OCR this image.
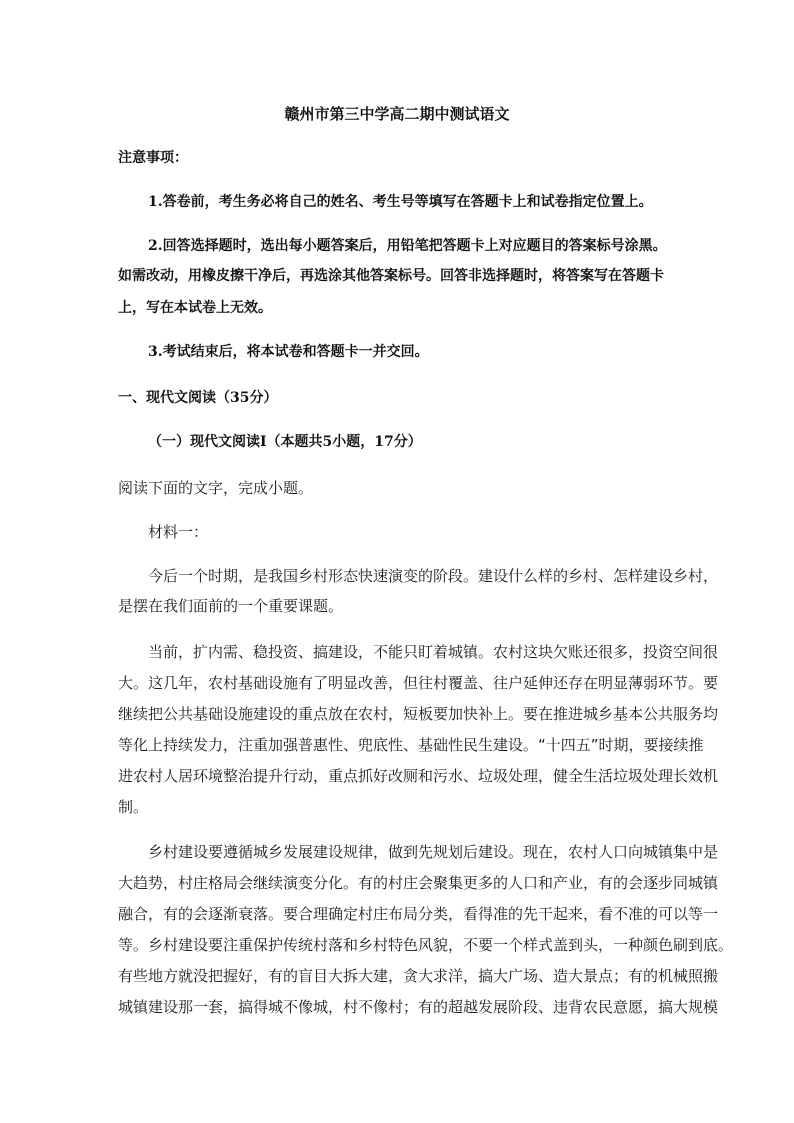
赣州市第三中学高二期中测试语文
注意事项：
1.答卷前，考生务必将自己的姓名、考生号等填写在答题卡上和试卷指定位置上。
2.回答选择题时，选出每小题答案后，用铅笔把答题卡上对应题目的答案标号涂黑。
如需改动，用橡皮擦干净后，再选涂其他答案标号。回答非选择题时，将答案写在答题卡
上，写在本试卷上无效。
3.考试结束后，将本试卷和答题卡一并交回。
一、现代文阅读（35分）
（一）现代文阅读Ⅰ（本题共5小题，17分）
阅读下面的文字，完成小题。
材料一：
今后一个时期，是我国乡村形态快速演变的阶段。建设什么样的乡村、怎样建设乡村，
是摆在我们面前的一个重要课题。
当前，扩内需、稳投资、搞建设，不能只盯着城镇。农村这块欠账还很多，投资空间很
大。这几年，农村基础设施有了明显改善，但往村覆盖、往户延伸还存在明显薄弱环节。要
继续把公共基础设施建设的重点放在农村，短板要加快补上。要在推进城乡基本公共服务均
等化上持续发力，注重加强普惠性、兜底性、基础性民生建设。“十四五”时期，要接续推
进农村人居环境整治提升行动，重点抓好改厕和污水、垃圾处理，健全生活垃圾处理长效机
制。
乡村建设要遵循城乡发展建设规律，做到先规划后建设。现在，农村人口向城镇集中是
大趋势，村庄格局会继续演变分化。有的村庄会聚集更多的人口和产业，有的会逐步同城镇
融合，有的会逐渐衰落。要合理确定村庄布局分类，看得准的先干起来，看不准的可以等一
等。乡村建设要注重保护传统村落和乡村特色风貌，不要一个样式盖到头，一种颜色刷到底。
有些地方就没把握好，有的盲目大拆大建，贪大求洋，搞大广场、造大景点；有的机械照搬
城镇建设那一套，搞得城不像城，村不像村；有的超越发展阶段、违背农民意愿，搞大规模
